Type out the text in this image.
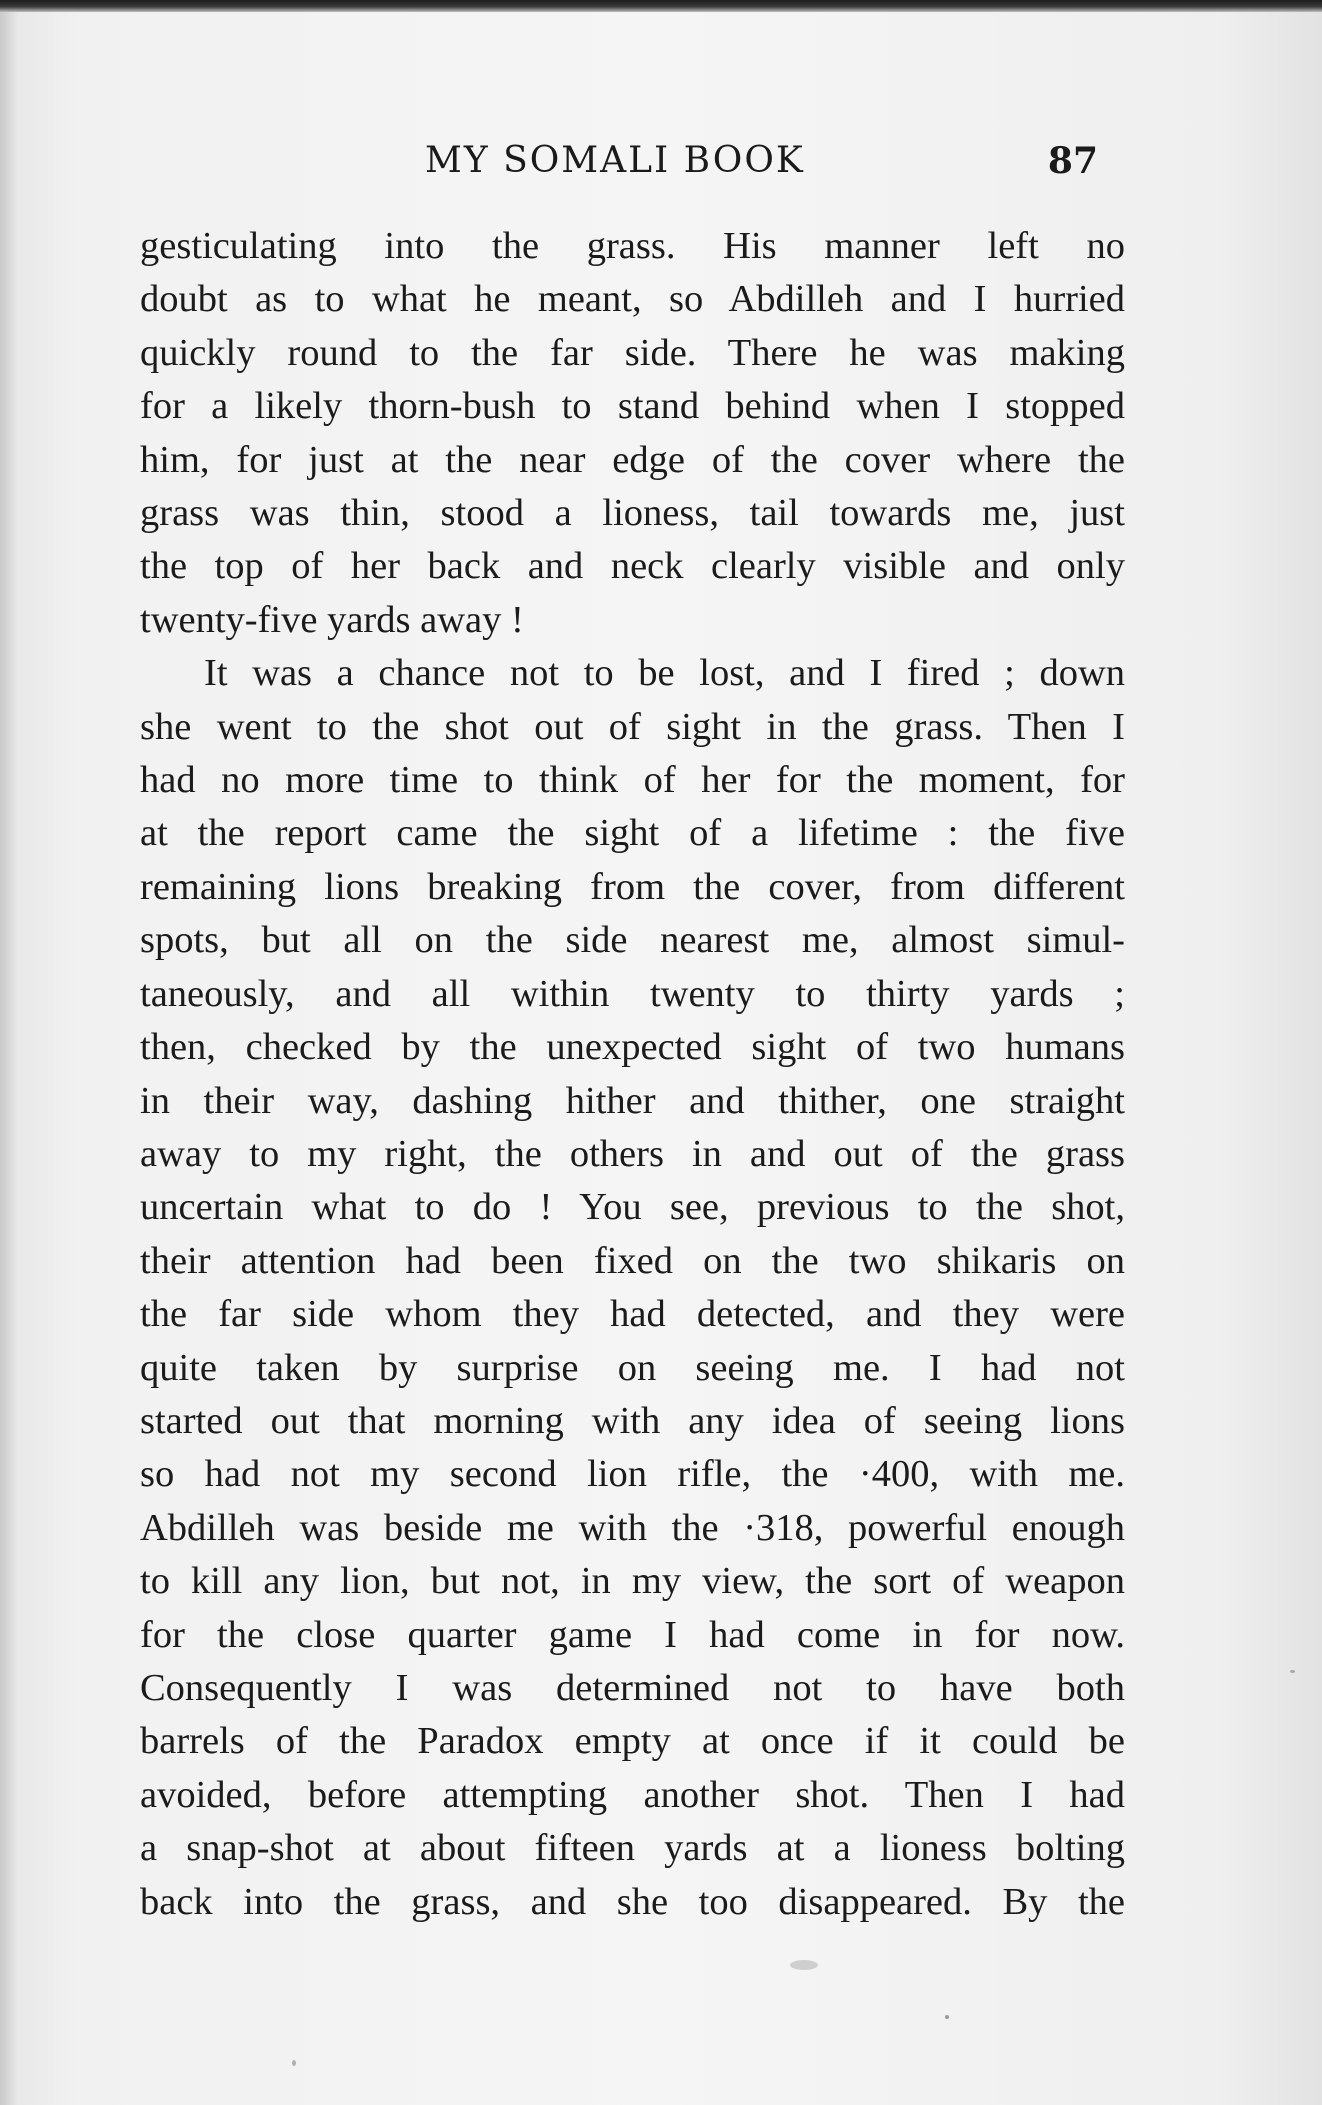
MY SOMALI BOOK	87

gesticulating into the grass. His manner left no

doubt as to what he meant, so Abdilleh and I hurried

quickly round to the far side. There he was making

for a likely thorn-bush to stand behind when I stopped

him, for just at the near edge of the cover where the

grass was thin, stood a lioness, tail towards me, just

the top of her back and neck clearly visible and only

twenty-five yards away !

It was a chance not to be lost, and I fired ; down

she went to the shot out of sight in the grass. Then I

had no more time to think of her for the moment, for

at the report came the sight of a lifetime : the five

remaining lions breaking from the cover, from different

spots, but all on the side nearest me, almost simul-

taneously, and all within twenty to thirty yards ;

then, checked by the unexpected sight of two humans

in their way, dashing hither and thither, one straight

away to my right, the others in and out of the grass

uncertain what to do ! You see, previous to the shot,

their attention had been fixed on the two shikaris on

the far side whom they had detected, and they were

quite taken by surprise on seeing me. I had not

started out that morning with any idea of seeing lions

so had not my second lion rifle, the ·400, with me.

Abdilleh was beside me with the ·318, powerful enough

to kill any lion, but not, in my view, the sort of weapon

for the close quarter game I had come in for now.

Consequently I was determined not to have both

barrels of the Paradox empty at once if it could be

avoided, before attempting another shot. Then I had

a snap-shot at about fifteen yards at a lioness bolting

back into the grass, and she too disappeared. By the
